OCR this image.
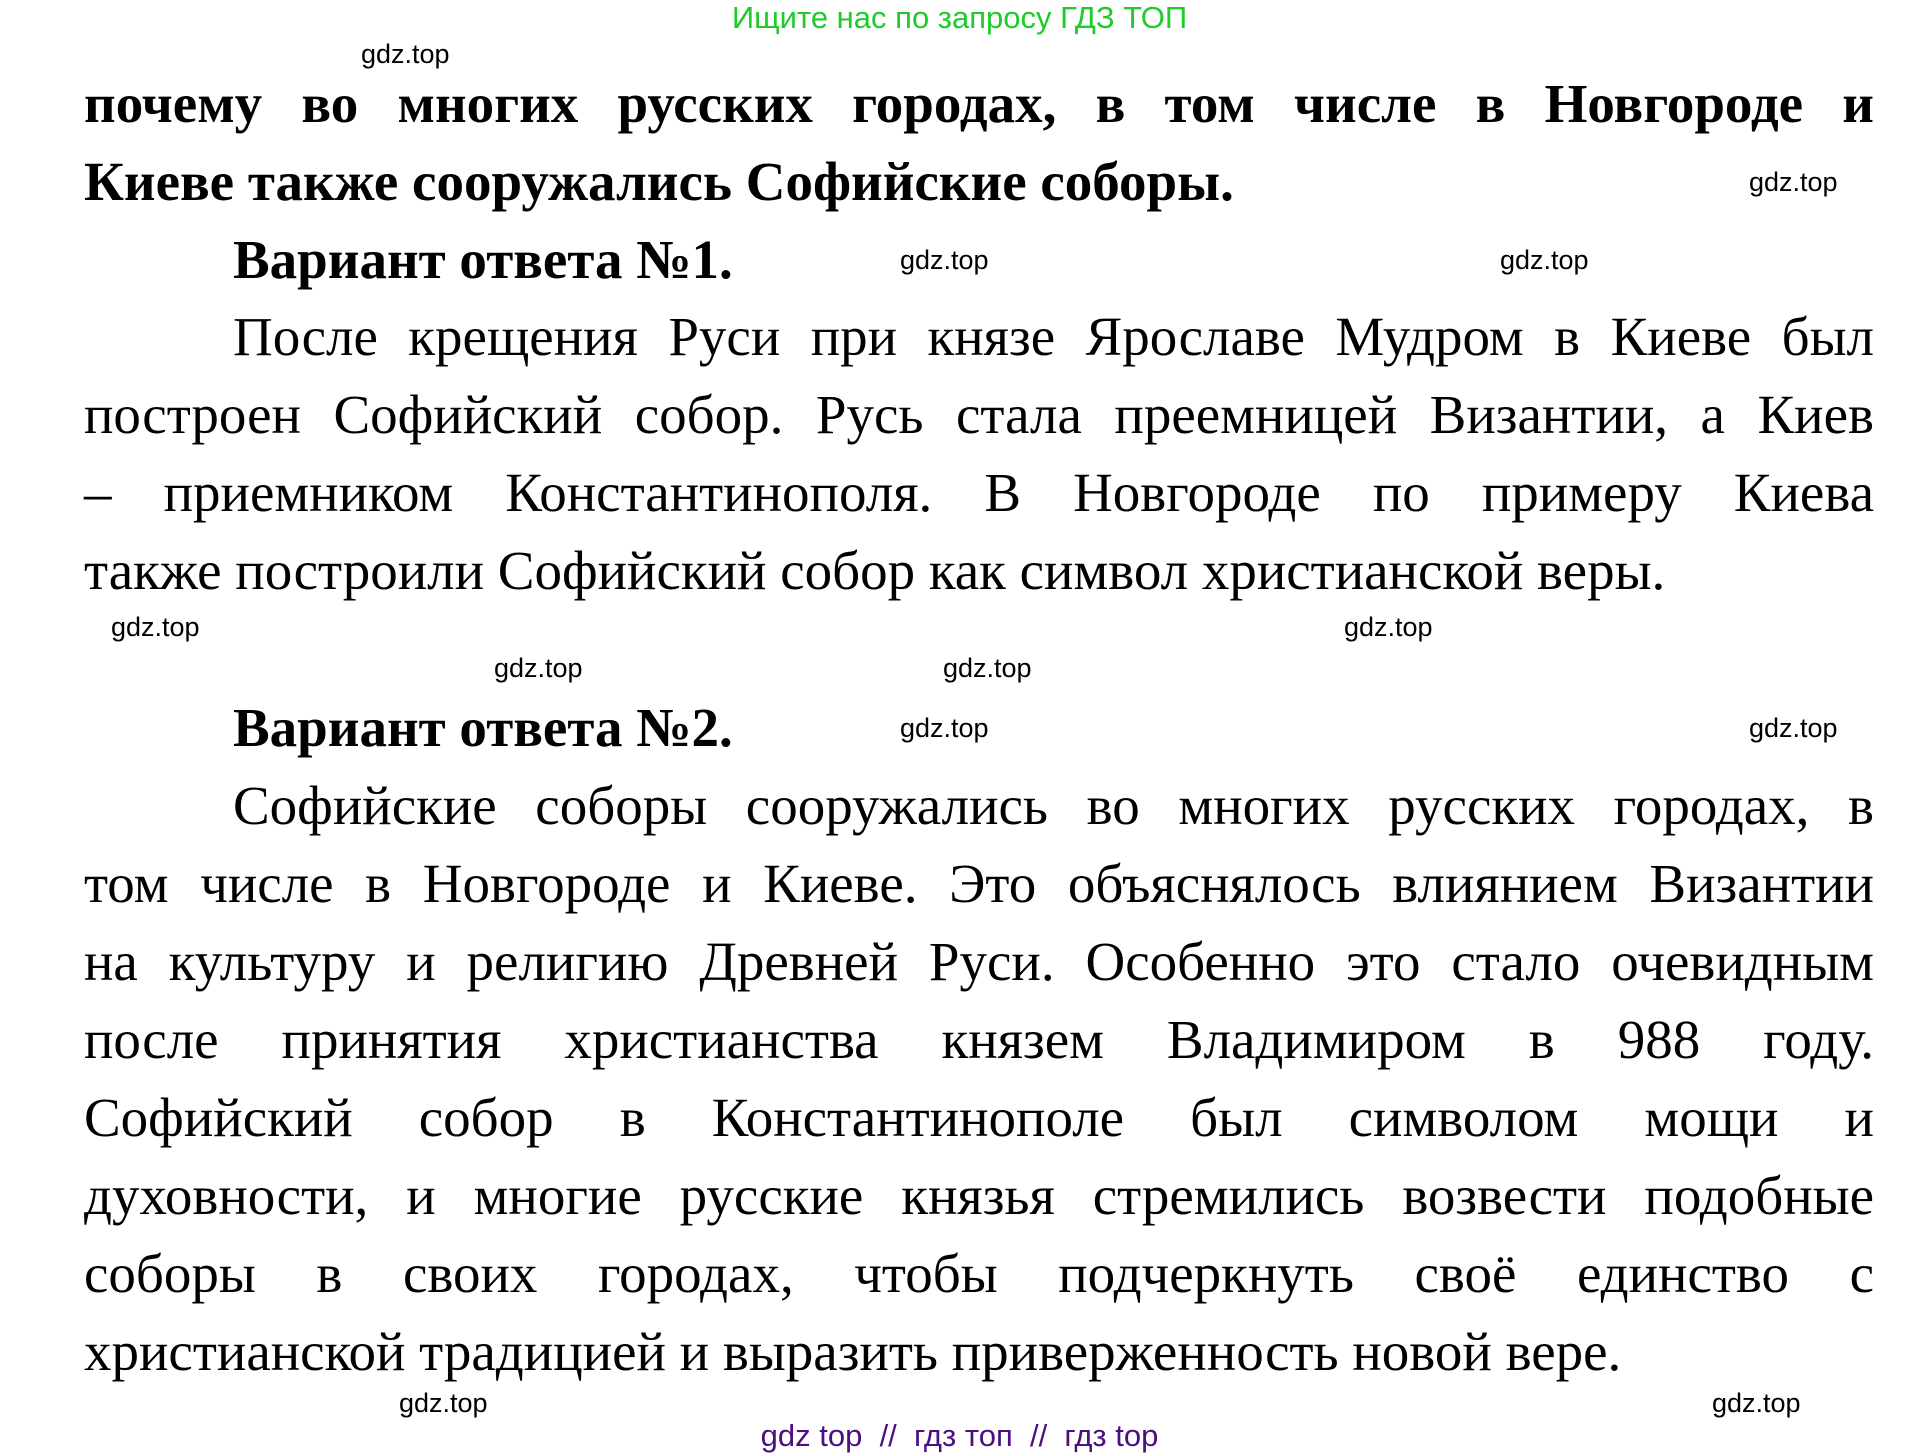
Ищите нас по запросу ГДЗ ТОП
почему во многих русских городах, в том числе в Новгороде и
Киеве также сооружались Софийские соборы.
Вариант ответа №1.
После крещения Руси при князе Ярославе Мудром в Киеве был
построен Софийский собор. Русь стала преемницей Византии, а Киев
– приемником Константинополя. В Новгороде по примеру Киева
также построили Софийский собор как символ христианской веры.
Вариант ответа №2.
Софийские соборы сооружались во многих русских городах, в
том числе в Новгороде и Киеве. Это объяснялось влиянием Византии
на культуру и религию Древней Руси. Особенно это стало очевидным
после принятия христианства князем Владимиром в 988 году.
Софийский собор в Константинополе был символом мощи и
духовности, и многие русские князья стремились возвести подобные
соборы в своих городах, чтобы подчеркнуть своё единство с
христианской традицией и выразить приверженность новой вере.
gdz.top
gdz.top
gdz.top	gdz.top
gdz.top	gdz.top
gdz.top	gdz.top
gdz.top	gdz.top
gdz.top	gdz.top
gdz top  //  гдз топ  //  гдз top
